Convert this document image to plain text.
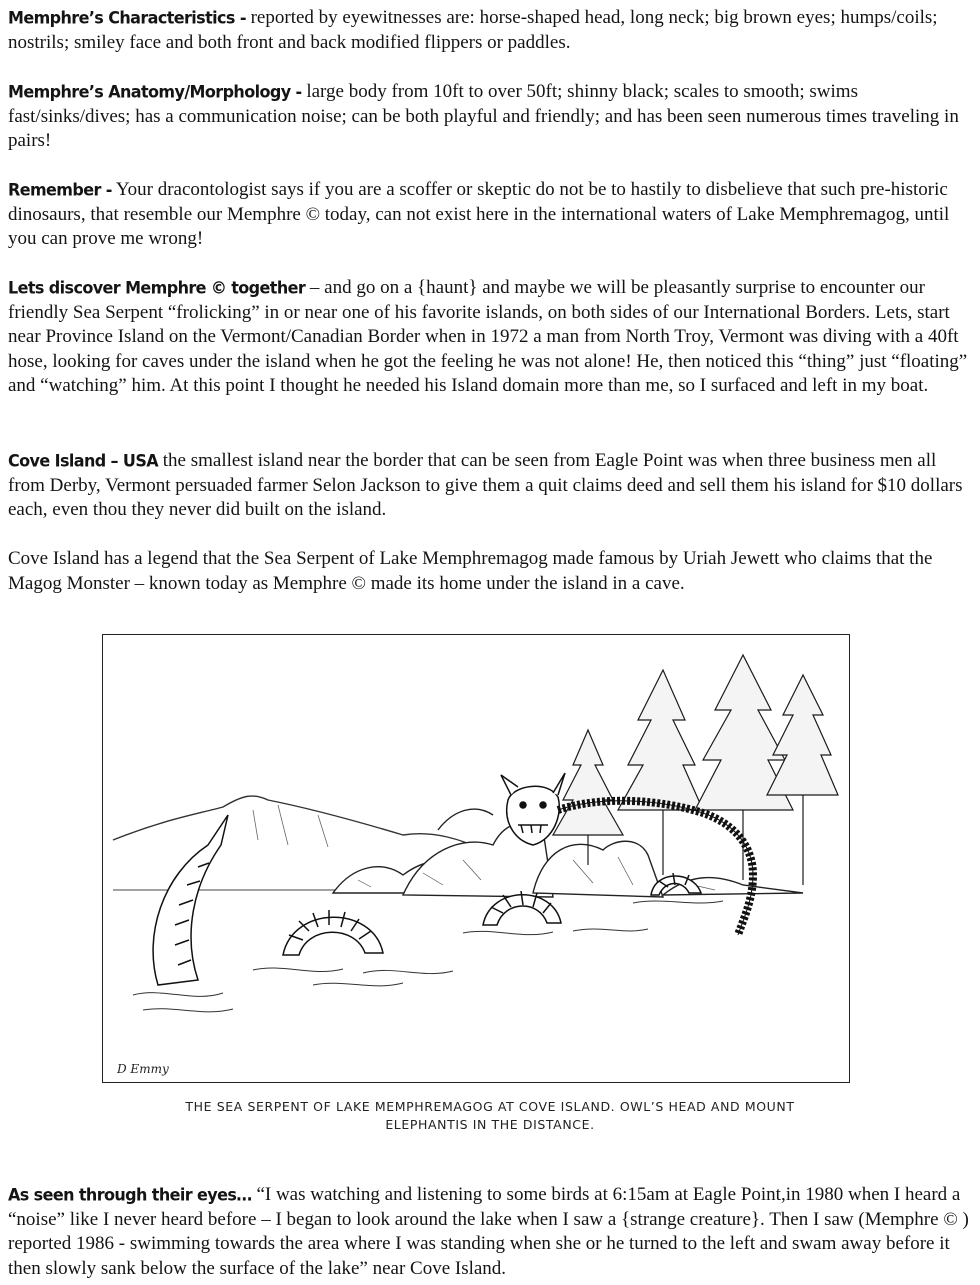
Memphre’s Characteristics - reported by eyewitnesses are: horse-shaped head, long neck; big brown eyes; humps/coils; nostrils; smiley face and both front and back modified flippers or paddles.

Memphre’s Anatomy/Morphology - large body from 10ft to over 50ft; shinny black; scales to smooth; swims fast/sinks/dives; has a communication noise; can be both playful and friendly; and has been seen numerous times traveling in pairs!

Remember - Your dracontologist says if you are a scoffer or skeptic do not be to hastily to disbelieve that such pre-historic dinosaurs, that resemble our Memphre © today, can not exist here in the international waters of Lake Memphremagog, until you can prove me wrong!

Lets discover Memphre © together – and go on a {haunt} and maybe we will be pleasantly surprise to encounter our friendly Sea Serpent “frolicking” in or near one of his favorite islands, on both sides of our International Borders. Lets, start near Province Island on the Vermont/Canadian Border when in 1972 a man from North Troy, Vermont was diving with a 40ft hose, looking for caves under the island when he got the feeling he was not alone! He, then noticed this “thing” just “floating” and “watching” him. At this point I thought he needed his Island domain more than me, so I surfaced and left in my boat.

Cove Island – USA the smallest island near the border that can be seen from Eagle Point was when three business men all from Derby, Vermont persuaded farmer Selon Jackson to give them a quit claims deed and sell them his island for $10 dollars each, even thou they never did built on the island.

Cove Island has a legend that the Sea Serpent of Lake Memphremagog made famous by Uriah Jewett who claims that the Magog Monster – known today as Memphre © made its home under the island in a cave.

D Emmy

THE SEA SERPENT OF LAKE MEMPHREMAGOG AT COVE ISLAND. OWL’S HEAD AND MOUNT
ELEPHANTIS IN THE DISTANCE.

As seen through their eyes… “I was watching and listening to some birds at 6:15am at Eagle Point,in 1980 when I heard a “noise” like I never heard before – I began to look around the lake when I saw a {strange creature}. Then I saw (Memphre © ) reported 1986 - swimming towards the area where I was standing when she or he turned to the left and swam away before it then slowly sank below the surface of the lake” near Cove Island.
